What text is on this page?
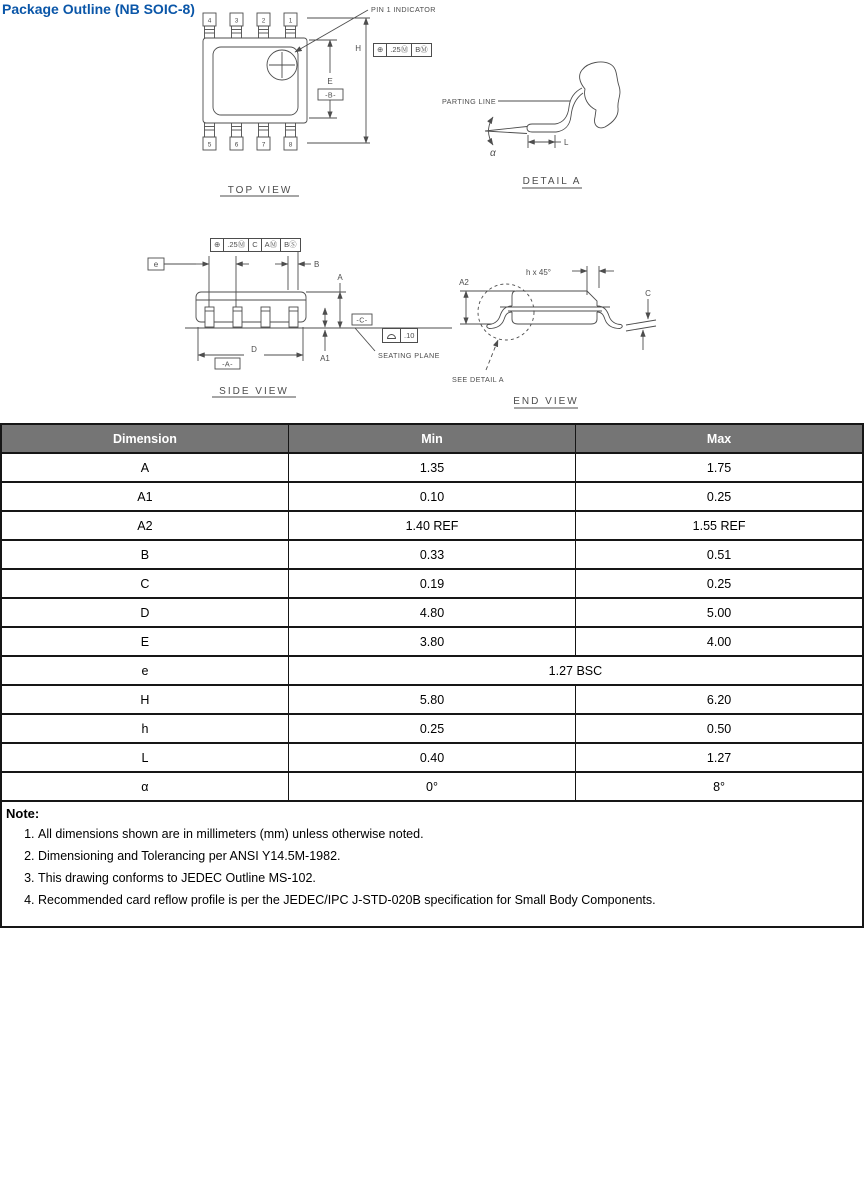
Package Outline (NB SOIC-8)
4	3	2	1
5	6	7	8
PIN 1 INDICATOR
E
-B-
H
TOP VIEW
⊕ .25Ⓜ BⓂ
PARTING LINE
α
L
DETAIL A
e	B
A
A1
D
-A-
-C-
SEATING PLANE
SIDE VIEW
⊕ .25Ⓜ C AⓂ BⓈ
.10
A2
h x 45°
C
SEE DETAIL A
END VIEW
Dimension	Min	Max
A	1.35	1.75
A1	0.10	0.25
A2	1.40 REF	1.55 REF
B	0.33	0.51
C	0.19	0.25
D	4.80	5.00
E	3.80	4.00
e	1.27 BSC	
H	5.80	6.20
h	0.25	0.50
L	0.40	1.27
α	0°	8°
Note:
1. All dimensions shown are in millimeters (mm) unless otherwise noted.
2. Dimensioning and Tolerancing per ANSI Y14.5M-1982.
3. This drawing conforms to JEDEC Outline MS-102.
4. Recommended card reflow profile is per the JEDEC/IPC J-STD-020B specification for Small Body Components.
